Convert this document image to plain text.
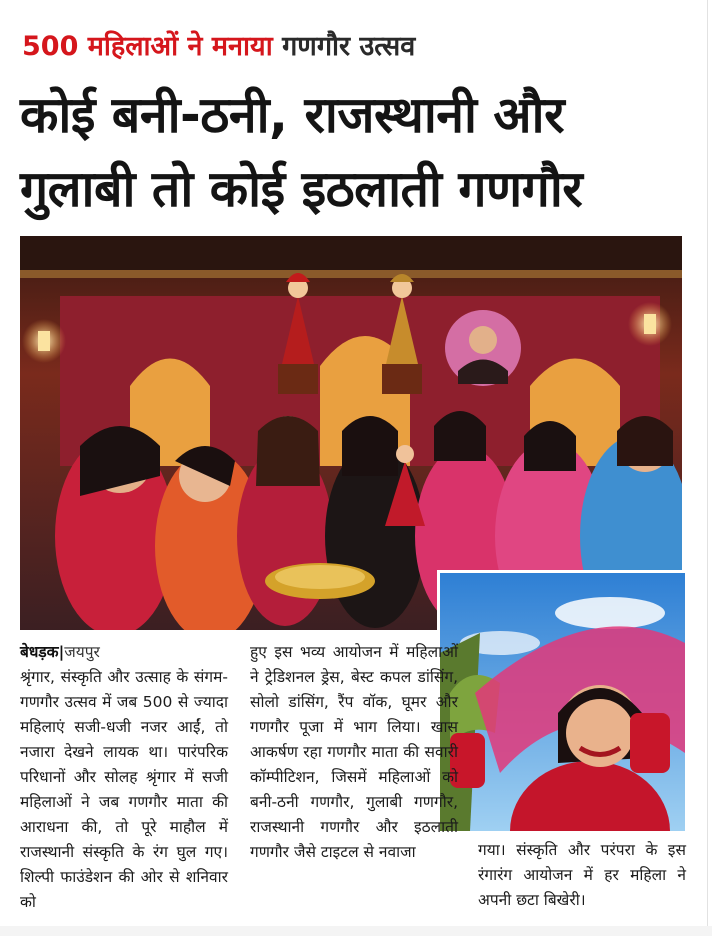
500 महिलाओं ने मनाया गणगौर उत्सव
कोई बनी-ठनी, राजस्थानी और
गुलाबी तो कोई इठलाती गणगौर
बेधड़क|जयपुर
श्रृंगार, संस्कृति और उत्साह के संगम-गणगौर उत्सव में जब 500 से ज्यादा महिलाएं सजी-धजी नजर आईं, तो नजारा देखने लायक था। पारंपरिक परिधानों और सोलह श्रृंगार में सजी महिलाओं ने जब गणगौर माता की आराधना की, तो पूरे माहौल में राजस्थानी संस्कृति के रंग घुल गए। शिल्पी फाउंडेशन की ओर से शनिवार को
हुए इस भव्य आयोजन में महिलाओं ने ट्रेडिशनल ड्रेस, बेस्ट कपल डांसिंग, सोलो डांसिंग, रैंप वॉक, घूमर और गणगौर पूजा में भाग लिया। खास आकर्षण रहा गणगौर माता की सवारी कॉम्पीटिशन, जिसमें महिलाओं को बनी-ठनी गणगौर, गुलाबी गणगौर, राजस्थानी गणगौर और इठलाती गणगौर जैसे टाइटल से नवाजा	गया। संस्कृति और परंपरा के इस रंगारंग आयोजन में हर महिला ने अपनी छटा बिखेरी।
